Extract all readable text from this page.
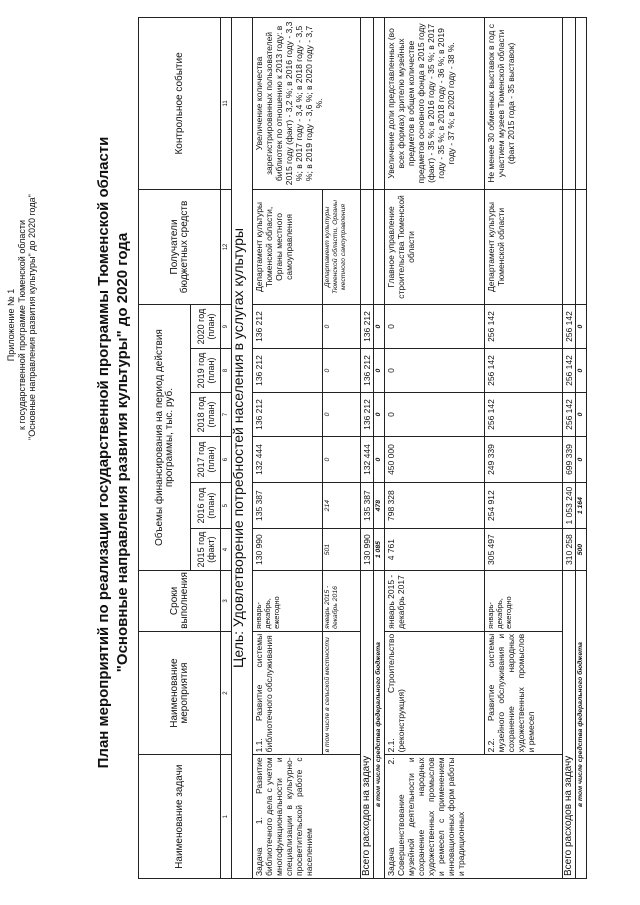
Приложение № 1 к государственной программе Тюменской области "Основные направления развития культуры" до 2020 года"	План мероприятий по реализации государственной программы Тюменской области "Основные направления развития культуры" до 2020 года
Наименование задачи	Наименование мероприятия	Сроки выполнения	Объемы финансирования на период действия программы, тыс. руб.						Получатели бюджетных средств	Контрольное событие
			2015 год (факт)	2016 год (план)	2017 год (план)	2018 год (план)	2019 год (план)	2020 год (план)		
1	2	3	4	5	6	7	8	9	12	11
Цель: Удовлетворение потребностей населения в услугах культуры										
Задача 1. Развитие библиотечного дела с учетом многофункциональности и специализации в культурно-просветительской работе с населением	1.1. Развитие системы библиотечного обслуживания	январь-декабрь, ежегодно	130 990	135 387	132 444	136 212	136 212	136 212	Департамент культуры Тюменской области, Органы местного самоуправления	Увеличение количества зарегистрированных пользователей библиотек по отношению к 2013 году: в 2015 году (факт) - 3,2 %; в 2016 году - 3,3 %; в 2017 году - 3,4 %; в 2018 году - 3,5 %; в 2019 году - 3,6 %; в 2020 году - 3,7 %.
	в том числе в сельской местности	январь 2015 - декабрь 2016	501	214	0	0	0	0	Департамент культуры Тюменской области, Органы местного самоуправления	
Всего расходов на задачу			130 990	135 387	132 444	136 212	136 212	136 212		
в том числе средства федерального бюджета			1 085	478	0	0	0	0		
Задача 2. Совершенствование музейной деятельности и сохранение народных художественных промыслов и ремесел с применением инновационных форм работы и традиционных	2.1. Строительство (реконструкция)	январь 2015 - декабрь 2017	4 761	798 328	450 000	0	0	0	Главное управление строительства Тюменской области	Увеличение доли представленных (во всех формах) зрителю музейных предметов в общем количестве предметов основного фонда в 2015 году (факт) - 35 %; в 2016 году - 35 %; в 2017 году - 35 %; в 2018 году - 36 %; в 2019 году - 37 %; в 2020 году - 38 %.
	2.2. Развитие системы музейного обслуживания и сохранение народных художественных промыслов и ремесел	январь-декабрь, ежегодно	305 497	254 912	249 339	256 142	256 142	256 142	Департамент культуры Тюменской области	Не менее 30 обменных выставок в год с участием музеев Тюменской области (факт 2015 года - 35 выставок)
Всего расходов на задачу			310 258	1 053 240	699 339	256 142	256 142	256 142		
в том числе средства федерального бюджета			500	1 164	0	0	0	0		
